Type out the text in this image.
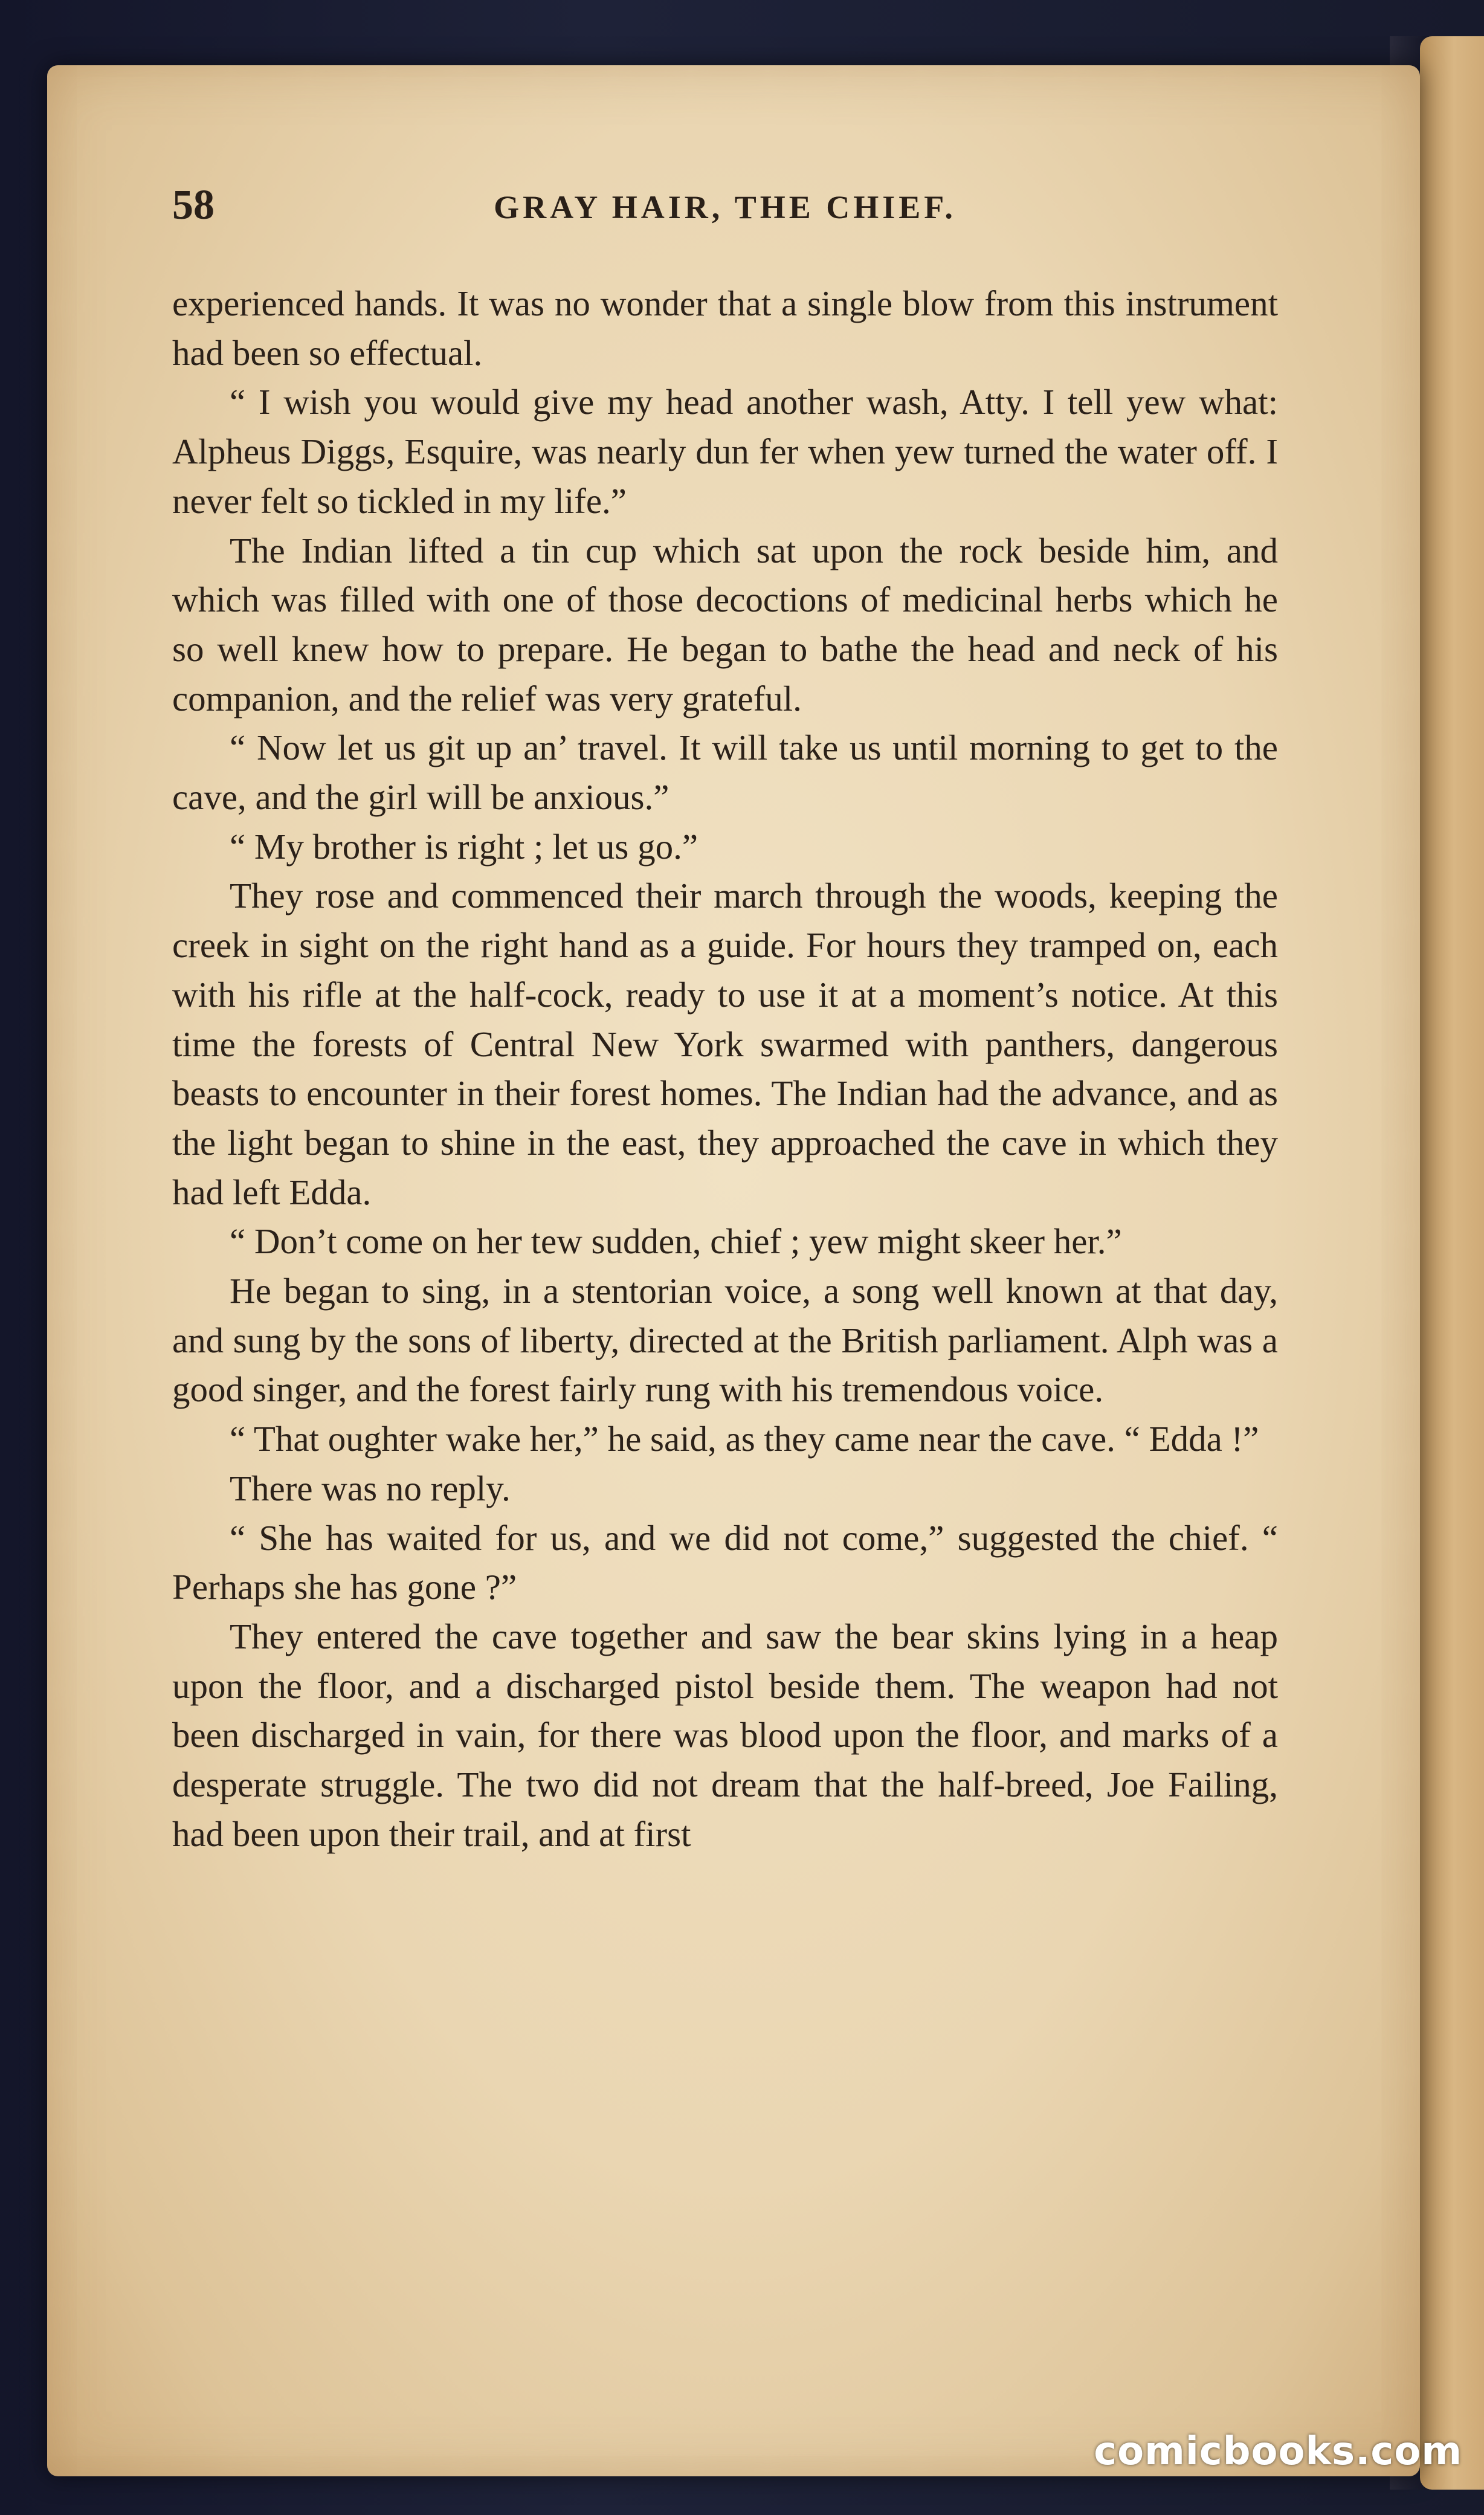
58	GRAY HAIR, THE CHIEF.

experienced hands. It was no wonder that a single blow from this instrument had been so effectual.

“ I wish you would give my head another wash, Atty. I tell yew what: Alpheus Diggs, Esquire, was nearly dun fer when yew turned the water off. I never felt so tickled in my life.”

The Indian lifted a tin cup which sat upon the rock beside him, and which was filled with one of those decoctions of medicinal herbs which he so well knew how to prepare. He began to bathe the head and neck of his companion, and the relief was very grateful.

“ Now let us git up an’ travel. It will take us until morning to get to the cave, and the girl will be anxious.”

“ My brother is right ; let us go.”

They rose and commenced their march through the woods, keeping the creek in sight on the right hand as a guide. For hours they tramped on, each with his rifle at the half-cock, ready to use it at a moment’s notice. At this time the forests of Central New York swarmed with panthers, dangerous beasts to encounter in their forest homes. The Indian had the advance, and as the light began to shine in the east, they approached the cave in which they had left Edda.

“ Don’t come on her tew sudden, chief ; yew might skeer her.”

He began to sing, in a stentorian voice, a song well known at that day, and sung by the sons of liberty, directed at the British parliament. Alph was a good singer, and the forest fairly rung with his tremendous voice.

“ That oughter wake her,” he said, as they came near the cave. “ Edda !”

There was no reply.

“ She has waited for us, and we did not come,” suggested the chief. “ Perhaps she has gone ?”

They entered the cave together and saw the bear skins lying in a heap upon the floor, and a discharged pistol beside them. The weapon had not been discharged in vain, for there was blood upon the floor, and marks of a desperate struggle. The two did not dream that the half-breed, Joe Failing, had been upon their trail, and at first

comicbooks.com
